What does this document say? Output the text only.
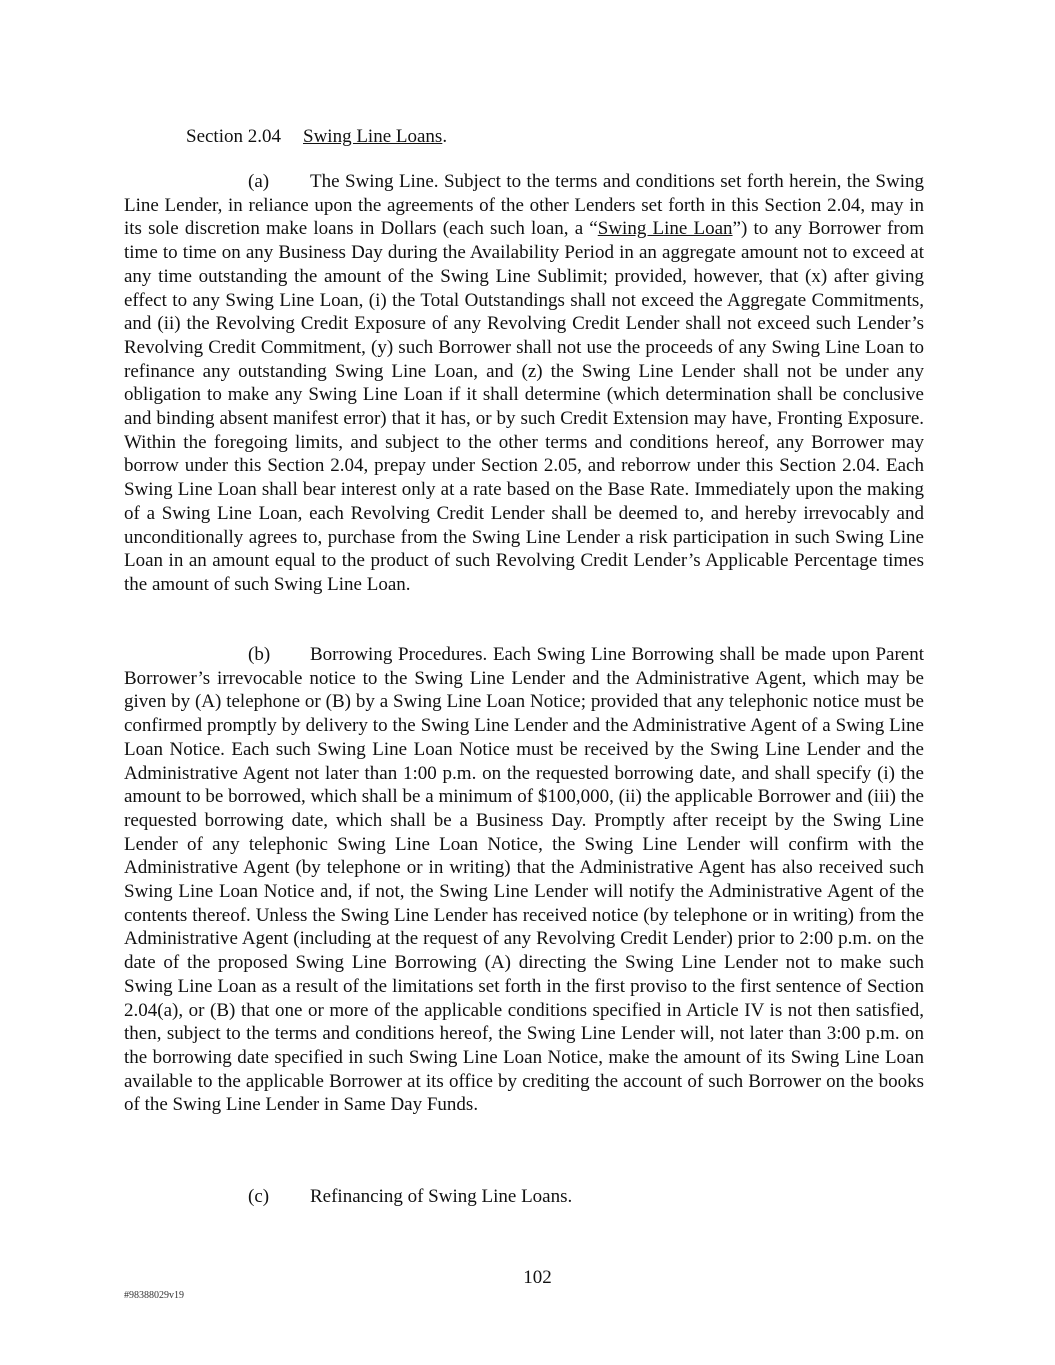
Section 2.04 Swing Line Loans.

(a) The Swing Line. Subject to the terms and conditions set forth herein, the Swing Line Lender, in reliance upon the agreements of the other Lenders set forth in this Section 2.04, may in its sole discretion make loans in Dollars (each such loan, a “Swing Line Loan”) to any Borrower from time to time on any Business Day during the Availability Period in an aggregate amount not to exceed at any time outstanding the amount of the Swing Line Sublimit; provided, however, that (x) after giving effect to any Swing Line Loan, (i) the Total Outstandings shall not exceed the Aggregate Commitments, and (ii) the Revolving Credit Exposure of any Revolving Credit Lender shall not exceed such Lender’s Revolving Credit Commitment, (y) such Borrower shall not use the proceeds of any Swing Line Loan to refinance any outstanding Swing Line Loan, and (z) the Swing Line Lender shall not be under any obligation to make any Swing Line Loan if it shall determine (which determination shall be conclusive and binding absent manifest error) that it has, or by such Credit Extension may have, Fronting Exposure. Within the foregoing limits, and subject to the other terms and conditions hereof, any Borrower may borrow under this Section 2.04, prepay under Section 2.05, and reborrow under this Section 2.04. Each Swing Line Loan shall bear interest only at a rate based on the Base Rate. Immediately upon the making of a Swing Line Loan, each Revolving Credit Lender shall be deemed to, and hereby irrevocably and unconditionally agrees to, purchase from the Swing Line Lender a risk participation in such Swing Line Loan in an amount equal to the product of such Revolving Credit Lender’s Applicable Percentage times the amount of such Swing Line Loan.

(b) Borrowing Procedures. Each Swing Line Borrowing shall be made upon Parent Borrower’s irrevocable notice to the Swing Line Lender and the Administrative Agent, which may be given by (A) telephone or (B) by a Swing Line Loan Notice; provided that any telephonic notice must be confirmed promptly by delivery to the Swing Line Lender and the Administrative Agent of a Swing Line Loan Notice. Each such Swing Line Loan Notice must be received by the Swing Line Lender and the Administrative Agent not later than 1:00 p.m. on the requested borrowing date, and shall specify (i) the amount to be borrowed, which shall be a minimum of $100,000, (ii) the applicable Borrower and (iii) the requested borrowing date, which shall be a Business Day. Promptly after receipt by the Swing Line Lender of any telephonic Swing Line Loan Notice, the Swing Line Lender will confirm with the Administrative Agent (by telephone or in writing) that the Administrative Agent has also received such Swing Line Loan Notice and, if not, the Swing Line Lender will notify the Administrative Agent of the contents thereof. Unless the Swing Line Lender has received notice (by telephone or in writing) from the Administrative Agent (including at the request of any Revolving Credit Lender) prior to 2:00 p.m. on the date of the proposed Swing Line Borrowing (A) directing the Swing Line Lender not to make such Swing Line Loan as a result of the limitations set forth in the first proviso to the first sentence of Section 2.04(a), or (B) that one or more of the applicable conditions specified in Article IV is not then satisfied, then, subject to the terms and conditions hereof, the Swing Line Lender will, not later than 3:00 p.m. on the borrowing date specified in such Swing Line Loan Notice, make the amount of its Swing Line Loan available to the applicable Borrower at its office by crediting the account of such Borrower on the books of the Swing Line Lender in Same Day Funds.

(c) Refinancing of Swing Line Loans.
102
#98388029v19
